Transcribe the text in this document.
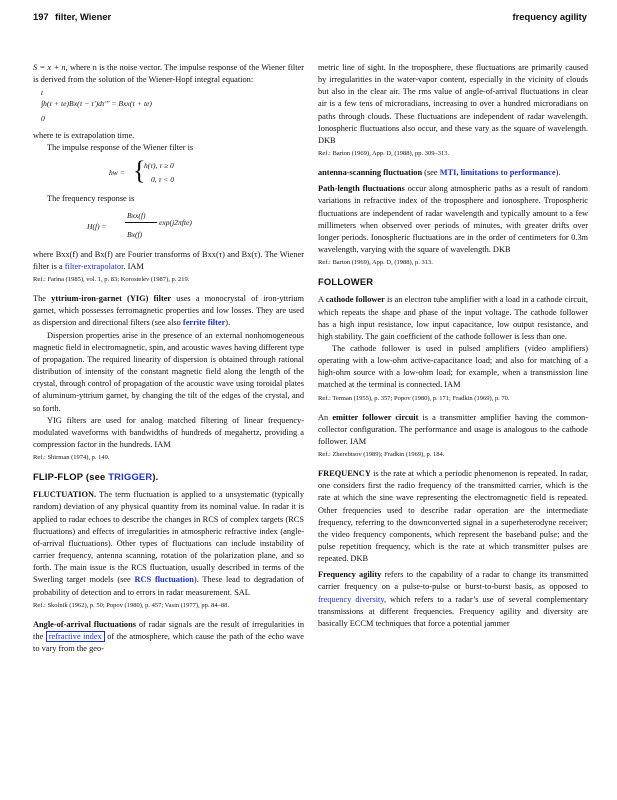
197 filter, Wiener	frequency agility

S = x + n, where n is the noise vector. The impulse response of the Wiener filter is derived from the solution of the Wiener-Hopf integral equation:

t
∫h(τ + te)Bx(τ − τ′)dτ′″ = Bxx(τ + te)
0

where te is extrapolation time.

The impulse response of the Wiener filter is

hw = {
h(τ), τ ≥ 0
0, τ < 0

The frequency response is

H(f) =
Bxx(f)
Bx(f)
exp(j2πfte)

where Bxx(f) and Bx(f) are Fourier transforms of Bxx(τ) and Bx(τ). The Wiener filter is a filter-extrapolator. IAM

Ref.: Farina (1985), vol. 1, p. 83; Korostelev (1987), p. 219.

The yttrium-iron-garnet (YIG) filter uses a monocrystal of iron-yttrium garnet, which possesses ferromagnetic properties and low losses. They are used as dispersion and directional filters (see also ferrite filter).

Dispersion properties arise in the presence of an external nonhomogeneous magnetic field in electromagnetic, spin, and acoustic waves having different type of propagation. The required linearity of dispersion is obtained through rational distribution of intensity of the constant magnetic field along the length of the crystal, through control of propagation of the acoustic wave using toroidal plates of aluminum-yttrium garnet, by changing the tilt of the edges of the crystal, and so forth.

YIG filters are used for analog matched filtering of linear frequency-modulated waveforms with bandwidths of hundreds of megahertz, providing a compression factor in the hundreds. IAM

Ref.: Shirman (1974), p. 149.

FLIP-FLOP (see TRIGGER).

FLUCTUATION. The term fluctuation is applied to a unsystematic (typically random) deviation of any physical quantity from its nominal value. In radar it is applied to radar echoes to describe the changes in RCS of complex targets (RCS fluctuations) and effects of irregularities in atmospheric refractive index (angle-of-arrival fluctuations). Other types of fluctuations can include instability of carrier frequency, antenna scanning, rotation of the polarization plane, and so forth. The main issue is the RCS fluctuation, usually described in terms of the Swerling target models (see RCS fluctuation). These lead to degradation of probability of detection and to errors in radar measurement. SAL

Ref.: Skolnik (1962), p. 50; Popov (1980), p. 457; Vasin (1977), pp. 84–88.

Angle-of-arrival fluctuations of radar signals are the result of irregularities in the refractive index of the atmosphere, which cause the path of the echo wave to vary from the geo-

metric line of sight. In the troposphere, these fluctuations are primarily caused by irregularities in the water-vapor content, especially in the vicinity of clouds but also in the clear air. The rms value of angle-of-arrival fluctuations in clear air is a few tens of microradians, increasing to over a hundred microradians on paths through clouds. These fluctuations are independent of radar wavelength. Ionospheric fluctuations also occur, and these vary as the square of wavelength. DKB

Ref.: Barton (1969), App. D, (1988), pp. 309–313.

antenna-scanning fluctuation (see MTI, limitations to performance).

Path-length fluctuations occur along atmospheric paths as a result of random variations in refractive index of the troposphere and ionosphere. Tropospheric fluctuations are independent of radar wavelength and typically amount to a few millimeters when observed over periods of minutes, with greater drifts over longer periods. Ionospheric fluctuations are in the order of centimeters for 0.3m wavelength, varying with the square of wavelength. DKB

Ref.: Barton (1969), App. D, (1988), p. 313.

FOLLOWER

A cathode follower is an electron tube amplifier with a load in a cathode circuit, which repeats the shape and phase of the input voltage. The cathode follower has a high input resistance, low input capacitance, low output resistance, and high stability. The gain coefficient of the cathode follower is less than one.

The cathode follower is used in pulsed amplifiers (video amplifiers) operating with a low-ohm active-capacitance load; and also for matching of a high-ohm source with a low-ohm load; for example, when a transmission line matched at the terminal is connected. IAM

Ref.: Terman (1955), p. 357; Popov (1980), p. 171; Fradkin (1969), p. 70.

An emitter follower circuit is a transmitter amplifier having the common-collector configuration. The performance and usage is analogous to the cathode follower. IAM

Ref.: Zherebtsov (1989); Fradkin (1969), p. 184.

FREQUENCY is the rate at which a periodic phenomenon is repeated. In radar, one considers first the radio frequency of the transmitted carrier, which is the rate at which the sine wave representing the electromagnetic field is repeated. Other frequencies used to describe radar operation are the intermediate frequency, referring to the downconverted signal in a superheterodyne receiver; the video frequency components, which represent the baseband pulse; and the pulse repetition frequency, which is the rate at which transmitter pulses are repeated. DKB

Frequency agility refers to the capability of a radar to change its transmitted carrier frequency on a pulse-to-pulse or burst-to-burst basis, as opposed to frequency diversity, which refers to a radar’s use of several complementary transmissions at different frequencies. Frequency agility and diversity are basically ECCM techniques that force a potential jammer
